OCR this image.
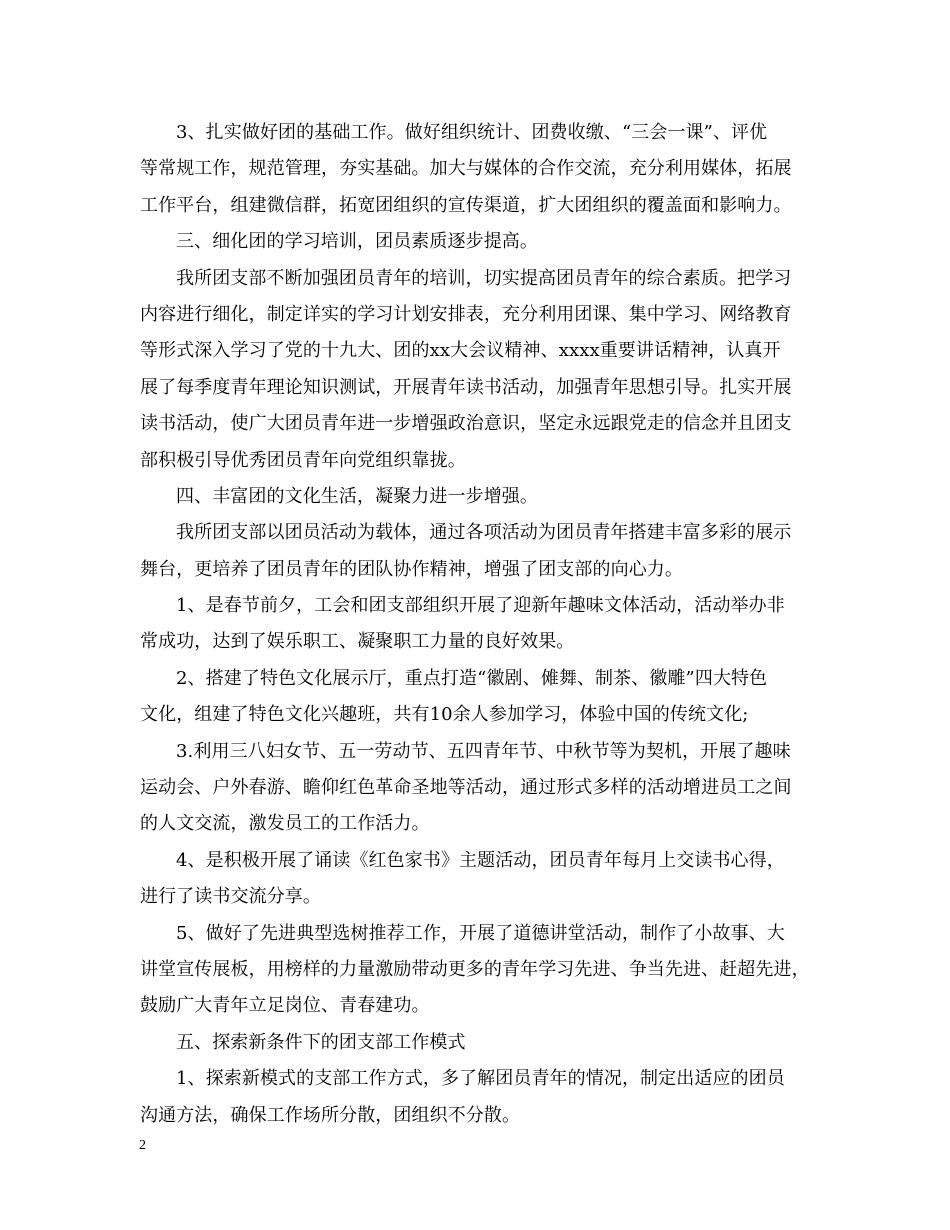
3、扎实做好团的基础工作。做好组织统计、团费收缴、“三会一课”、评优
等常规工作，规范管理，夯实基础。加大与媒体的合作交流，充分利用媒体，拓展
工作平台，组建微信群，拓宽团组织的宣传渠道，扩大团组织的覆盖面和影响力。
三、细化团的学习培训，团员素质逐步提高。
我所团支部不断加强团员青年的培训，切实提高团员青年的综合素质。把学习
内容进行细化，制定详实的学习计划安排表，充分利用团课、集中学习、网络教育
等形式深入学习了党的十九大、团的xx大会议精神、xxxx重要讲话精神，认真开
展了每季度青年理论知识测试，开展青年读书活动，加强青年思想引导。扎实开展
读书活动，使广大团员青年进一步增强政治意识，坚定永远跟党走的信念并且团支
部积极引导优秀团员青年向党组织靠拢。
四、丰富团的文化生活，凝聚力进一步增强。
我所团支部以团员活动为载体，通过各项活动为团员青年搭建丰富多彩的展示
舞台，更培养了团员青年的团队协作精神，增强了团支部的向心力。
1、是春节前夕，工会和团支部组织开展了迎新年趣味文体活动，活动举办非
常成功，达到了娱乐职工、凝聚职工力量的良好效果。
2、搭建了特色文化展示厅，重点打造“徽剧、傩舞、制茶、徽雕”四大特色
文化，组建了特色文化兴趣班，共有10余人参加学习，体验中国的传统文化;
3.利用三八妇女节、五一劳动节、五四青年节、中秋节等为契机，开展了趣味
运动会、户外春游、瞻仰红色革命圣地等活动，通过形式多样的活动增进员工之间
的人文交流，激发员工的工作活力。
4、是积极开展了诵读《红色家书》主题活动，团员青年每月上交读书心得，
进行了读书交流分享。
5、做好了先进典型选树推荐工作，开展了道德讲堂活动，制作了小故事、大
讲堂宣传展板，用榜样的力量激励带动更多的青年学习先进、争当先进、赶超先进，
鼓励广大青年立足岗位、青春建功。
五、探索新条件下的团支部工作模式
1、探索新模式的支部工作方式，多了解团员青年的情况，制定出适应的团员
沟通方法，确保工作场所分散，团组织不分散。
2
